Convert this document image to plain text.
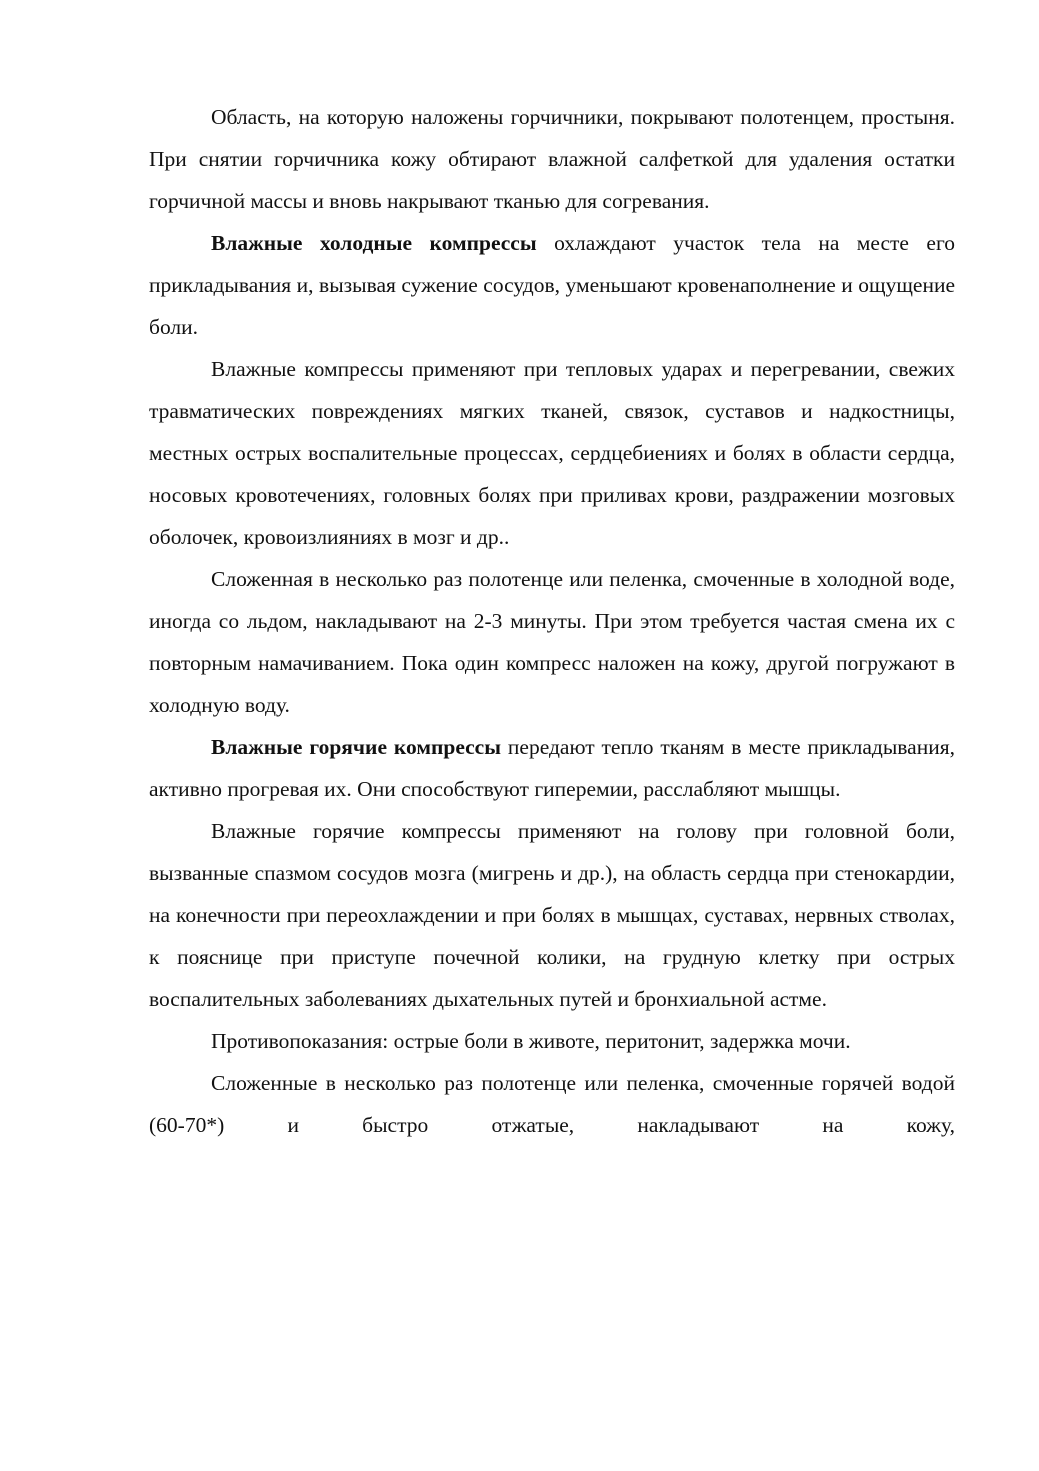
Область, на которую наложены горчичники, покрывают полотенцем, простыня. При снятии горчичника кожу обтирают влажной салфеткой для удаления остатки горчичной массы и вновь накрывают тканью для согревания.

Влажные холодные компрессы охлаждают участок тела на месте его прикладывания и, вызывая сужение сосудов, уменьшают кровенаполнение и ощущение боли.

Влажные компрессы применяют при тепловых ударах и перегревании, свежих травматических повреждениях мягких тканей, связок, суставов и надкостницы, местных острых воспалительные процессах, сердцебиениях и болях в области сердца, носовых кровотечениях, головных болях при приливах крови, раздражении мозговых оболочек, кровоизлияниях в мозг и др..

Сложенная в несколько раз полотенце или пеленка, смоченные в холодной воде, иногда со льдом, накладывают на 2-3 минуты. При этом требуется частая смена их с повторным намачиванием. Пока один компресс наложен на кожу, другой погружают в холодную воду.

Влажные горячие компрессы передают тепло тканям в месте прикладывания, активно прогревая их. Они способствуют гиперемии, расслабляют мышцы.

Влажные горячие компрессы применяют на голову при головной боли, вызванные спазмом сосудов мозга (мигрень и др.), на область сердца при стенокардии, на конечности при переохлаждении и при болях в мышцах, суставах, нервных стволах, к пояснице при приступе почечной колики, на грудную клетку при острых воспалительных заболеваниях дыхательных путей и бронхиальной астме.

Противопоказания: острые боли в животе, перитонит, задержка мочи.

Сложенные в несколько раз полотенце или пеленка, смоченные горячей водой (60-70*) и быстро отжатые, накладывают на кожу,
